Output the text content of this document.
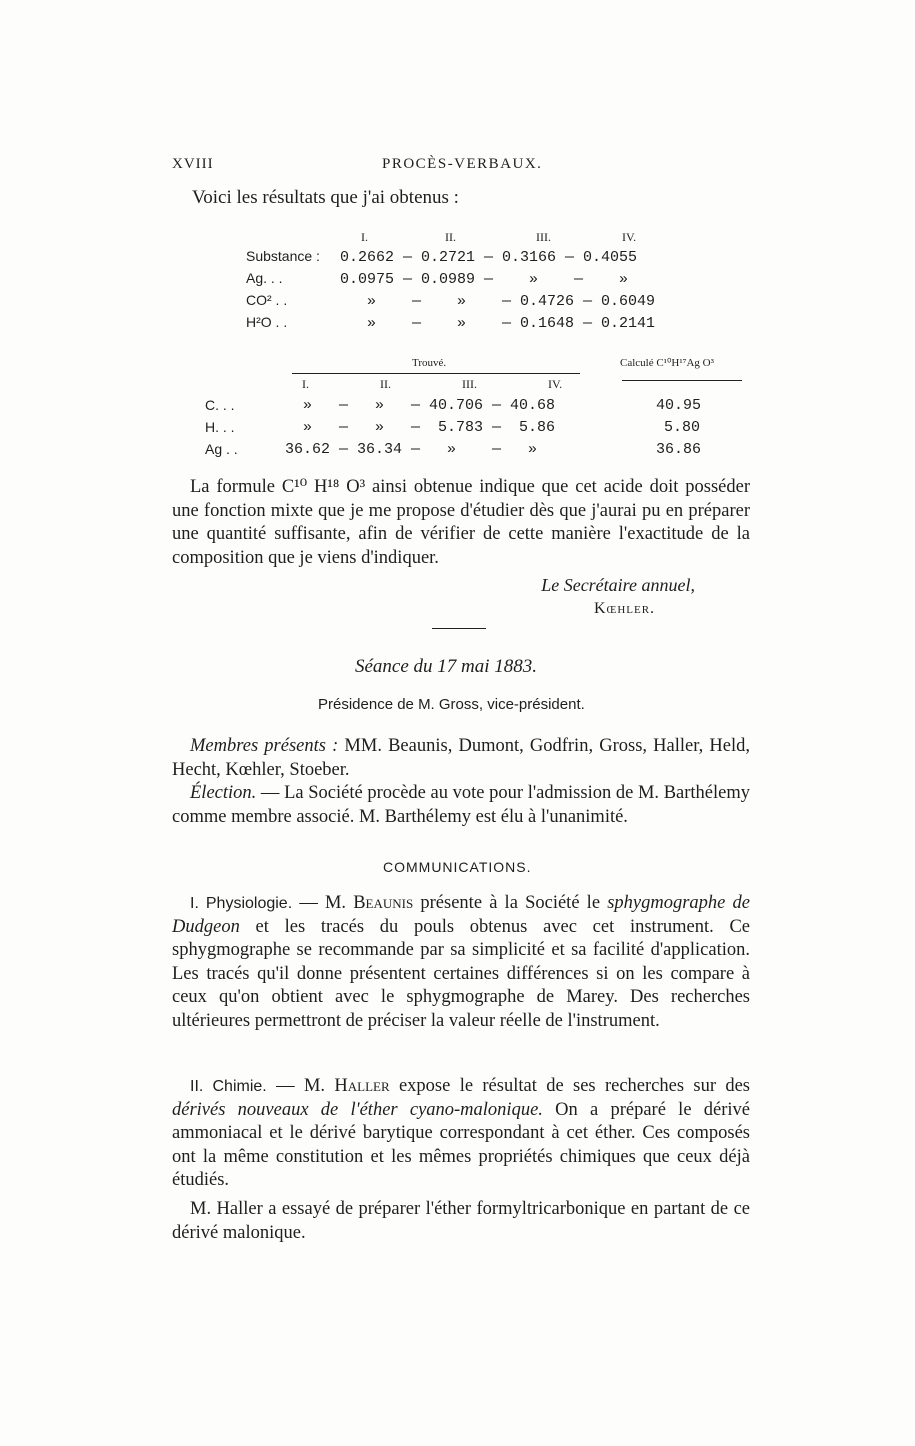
XVIII	PROCÈS-VERBAUX.
Voici les résultats que j'ai obtenus :
I.	II.	III.	IV.
Substance : 0.2662 — 0.2721 — 0.3166 — 0.4055
Ag. . .	0.0975 — 0.0989 —    »    —    »
CO² . .	»    —    »    — 0.4726 — 0.6049
H²O . .	»    —    »    — 0.1648 — 0.2141
Trouvé.	Calculé C¹⁰H¹⁷Ag O³
I.	II.	III.	IV.
C. . .	»   —   »   — 40.706 — 40.68	40.95
H. . .	»   —   »   —  5.783 —  5.86	5.80
Ag . .	36.62 — 36.34 —   »    —   »	36.86
La formule C¹⁰ H¹⁸ O³ ainsi obtenue indique que cet acide doit posséder une fonction mixte que je me propose d'étudier dès que j'aurai pu en préparer une quantité suffisante, afin de vérifier de cette manière l'exactitude de la composition que je viens d'indiquer.
Le Secrétaire annuel,
Kœhler.
Séance du 17 mai 1883.
Présidence de M. Gross, vice-président.
Membres présents : MM. Beaunis, Dumont, Godfrin, Gross, Haller, Held, Hecht, Kœhler, Stoeber.
Élection. — La Société procède au vote pour l'admission de M. Barthélemy comme membre associé. M. Barthélemy est élu à l'unanimité.
COMMUNICATIONS.
I. Physiologie. — M. Beaunis présente à la Société le sphygmographe de Dudgeon et les tracés du pouls obtenus avec cet instrument. Ce sphygmographe se recommande par sa simplicité et sa facilité d'application. Les tracés qu'il donne présentent certaines différences si on les compare à ceux qu'on obtient avec le sphygmographe de Marey. Des recherches ultérieures permettront de préciser la valeur réelle de l'instrument.
II. Chimie. — M. Haller expose le résultat de ses recherches sur des dérivés nouveaux de l'éther cyano-malonique. On a préparé le dérivé ammoniacal et le dérivé barytique correspondant à cet éther. Ces composés ont la même constitution et les mêmes propriétés chimiques que ceux déjà étudiés.
M. Haller a essayé de préparer l'éther formyltricarbonique en partant de ce dérivé malonique.
